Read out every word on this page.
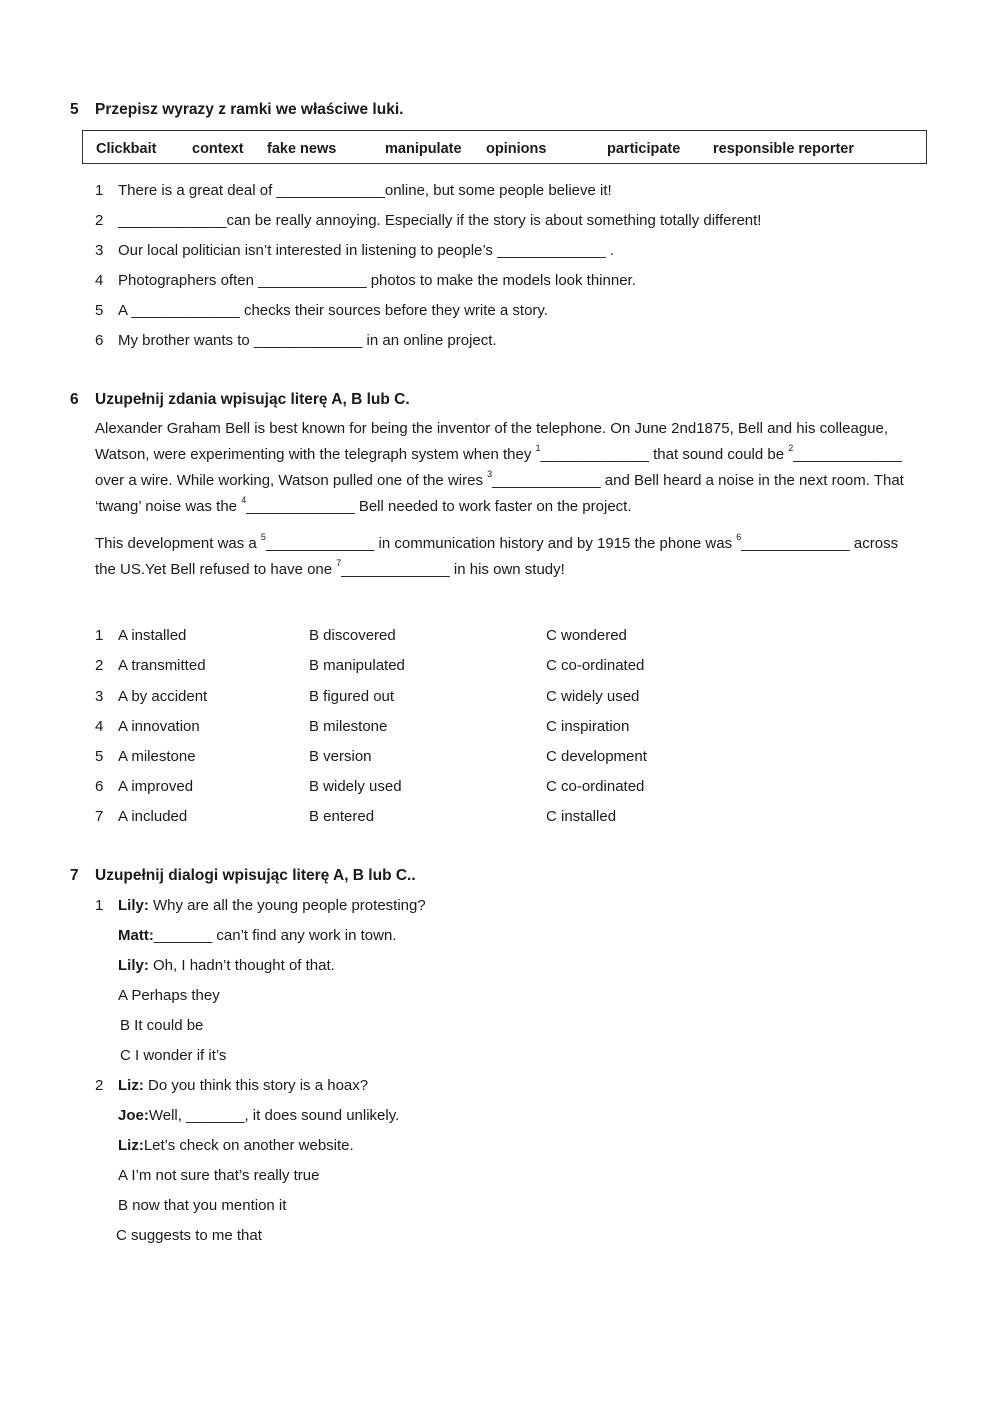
5 Przepisz wyrazy z ramki we właściwe luki.
Clickbait context fake news	manipulate opinions	participate responsible reporter
1 There is a great deal of _____________online, but some people believe it!
2 _____________can be really annoying. Especially if the story is about something totally different!
3 Our local politician isn’t interested in listening to people’s _____________ .
4 Photographers often _____________ photos to make the models look thinner.
5 A _____________ checks their sources before they write a story.
6 My brother wants to _____________ in an online project.
6 Uzupełnij zdania wpisując literę A, B lub C.
Alexander Graham Bell is best known for being the inventor of the telephone. On June 2nd1875, Bell and his colleague,
Watson, were experimenting with the telegraph system when they $^1$_____________ that sound could be $^2$_____________
over a wire. While working, Watson pulled one of the wires $^3$_____________ and Bell heard a noise in the next room. That
‘twang’ noise was the $^4$_____________ Bell needed to work faster on the project.
This development was a $^5$_____________ in communication history and by 1915 the phone was $^6$_____________ across
the US.Yet Bell refused to have one $^7$_____________ in his own study!
1 A installed	B discovered	C wondered
2 A transmitted	B manipulated	C co-ordinated
3 A by accident	B figured out	C widely used
4 A innovation	B milestone	C inspiration
5 A milestone	B version	C development
6 A improved	B widely used	C co-ordinated
7 A included	B entered	C installed
7 Uzupełnij dialogi wpisując literę A, B lub C..
1 Lily: Why are all the young people protesting?
Matt:_______ can’t find any work in town.
Lily: Oh, I hadn’t thought of that.
A Perhaps they
B It could be
C I wonder if it’s
2 Liz: Do you think this story is a hoax?
Joe:Well, _______, it does sound unlikely.
Liz:Let’s check on another website.
A I’m not sure that’s really true
B now that you mention it
C suggests to me that
